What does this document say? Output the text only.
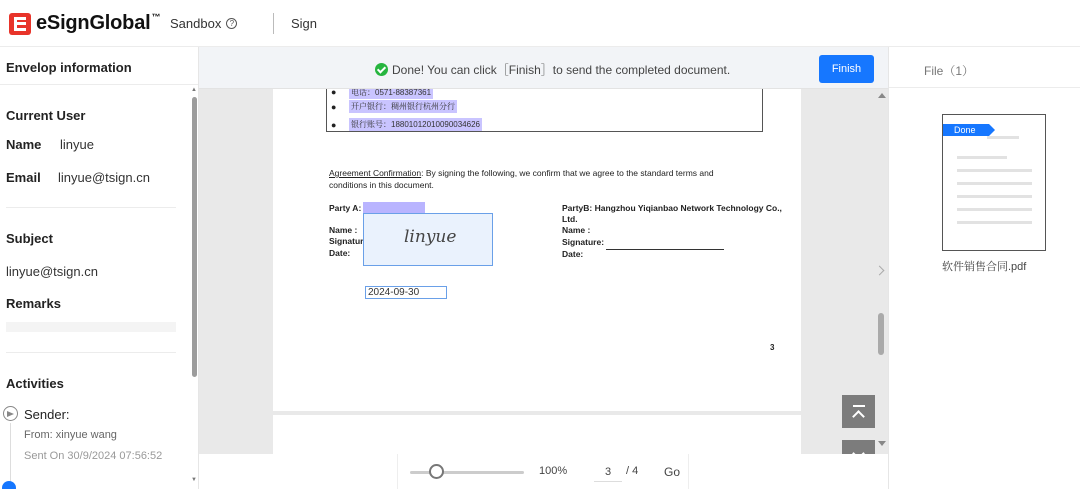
eSignGlobal™ Sandbox	?	Sign
Envelop information
Current User
Name linyue
Email linyue@tsign.cn
Subject
linyue@tsign.cn
Remarks
Activities
Sender:
From: xinyue wang
Sent On 30/9/2024 07:56:52
▲
▼
Done! You can click［Finish］to send the completed document.	Finish
● 电话：0571-88387361
● 开户银行：稠州银行杭州分行
● 银行账号：18801012010090034626
Agreement Confirmation: By signing the following, we confirm that we agree to the standard terms and conditions in this document.
Party A:
Name :
Signatur
Date:
linyue
PartyB: Hangzhou Yiqianbao Network Technology Co., Ltd.
Name :
Signature:
Date:
2024-09-30
3
100%
3	/ 4 Go
File（1）
Done
软件销售合同.pdf
